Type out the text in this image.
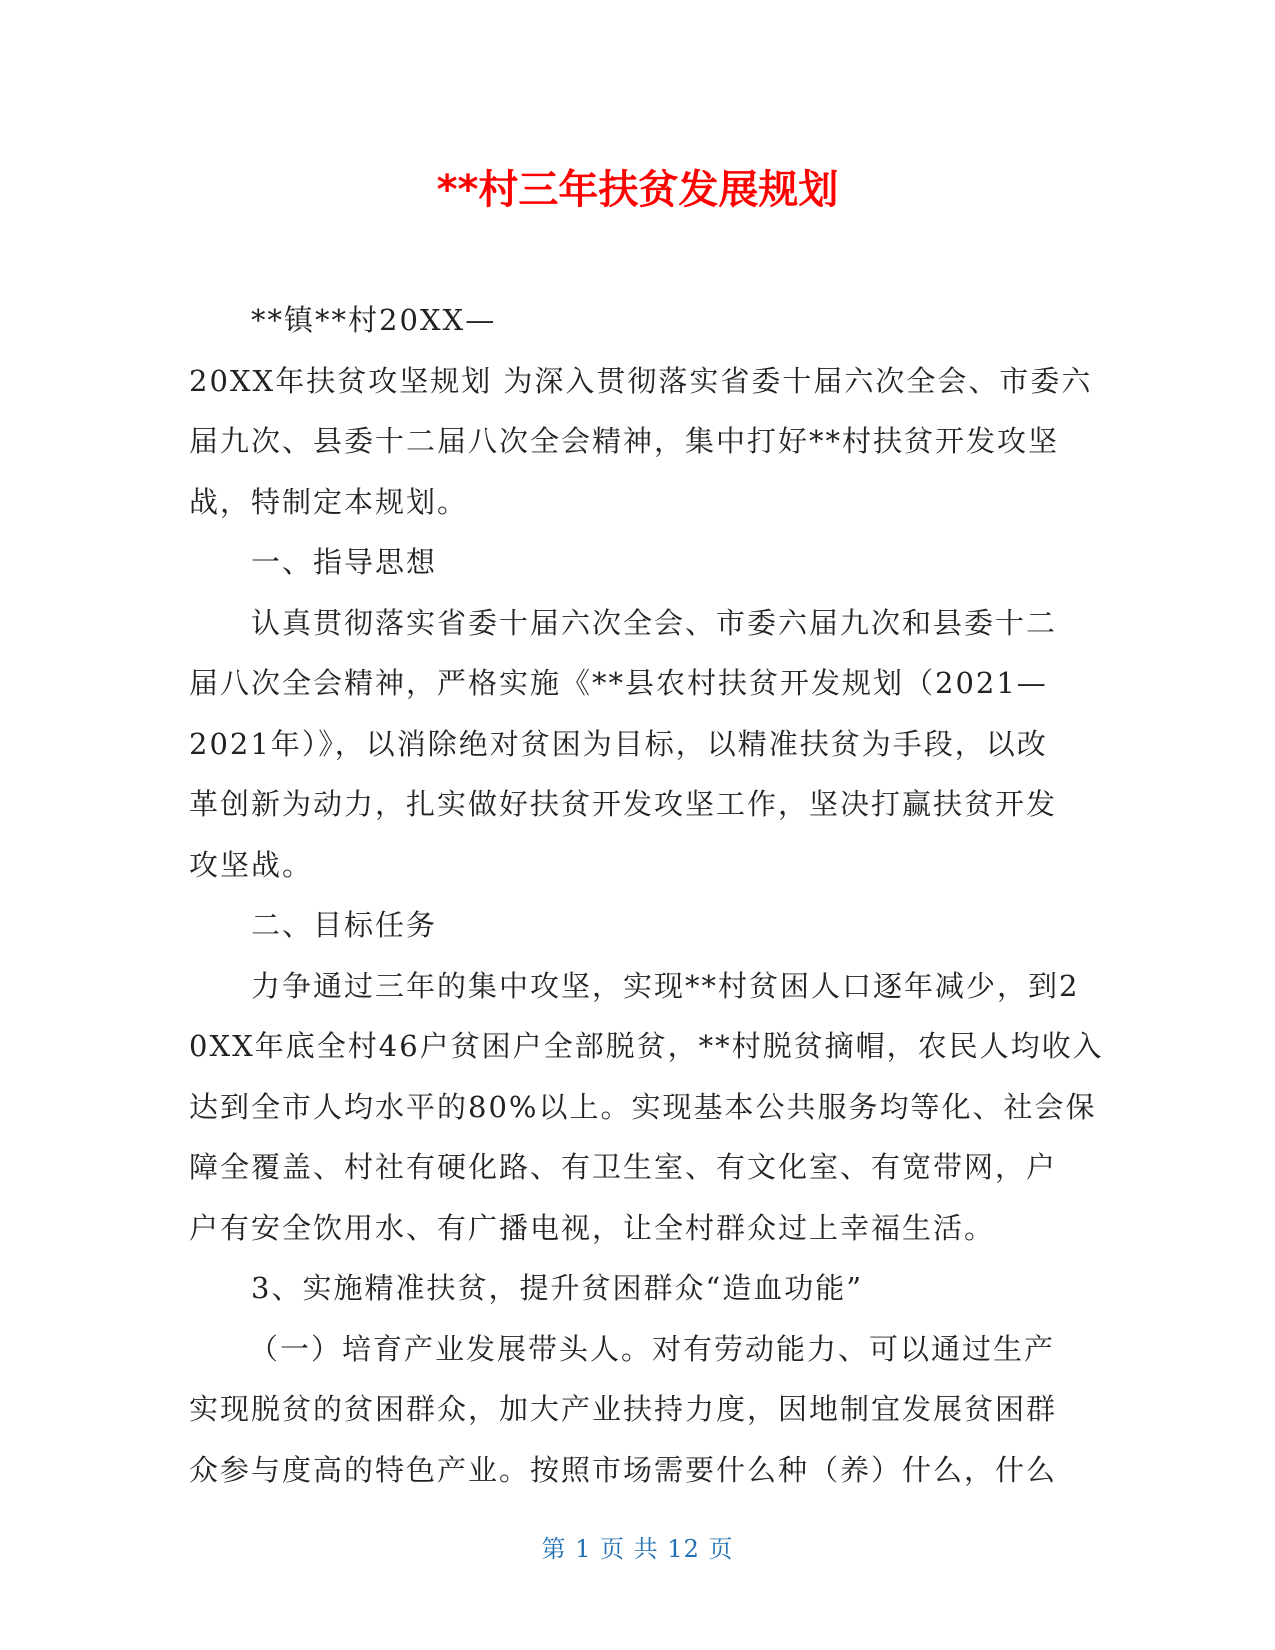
**村三年扶贫发展规划
**镇**村20XX—
20XX年扶贫攻坚规划 为深入贯彻落实省委十届六次全会、市委六
届九次、县委十二届八次全会精神，集中打好**村扶贫开发攻坚
战，特制定本规划。
一、指导思想
认真贯彻落实省委十届六次全会、市委六届九次和县委十二
届八次全会精神，严格实施《**县农村扶贫开发规划（2021—
2021年）》，以消除绝对贫困为目标，以精准扶贫为手段，以改
革创新为动力，扎实做好扶贫开发攻坚工作，坚决打赢扶贫开发
攻坚战。
二、目标任务
力争通过三年的集中攻坚，实现**村贫困人口逐年减少，到2
0XX年底全村46户贫困户全部脱贫，**村脱贫摘帽，农民人均收入
达到全市人均水平的80%以上。实现基本公共服务均等化、社会保
障全覆盖、村社有硬化路、有卫生室、有文化室、有宽带网，户
户有安全饮用水、有广播电视，让全村群众过上幸福生活。
3、实施精准扶贫，提升贫困群众“造血功能”
（一）培育产业发展带头人。对有劳动能力、可以通过生产
实现脱贫的贫困群众，加大产业扶持力度，因地制宜发展贫困群
众参与度高的特色产业。按照市场需要什么种（养）什么，什么
第 1 页 共 12 页
